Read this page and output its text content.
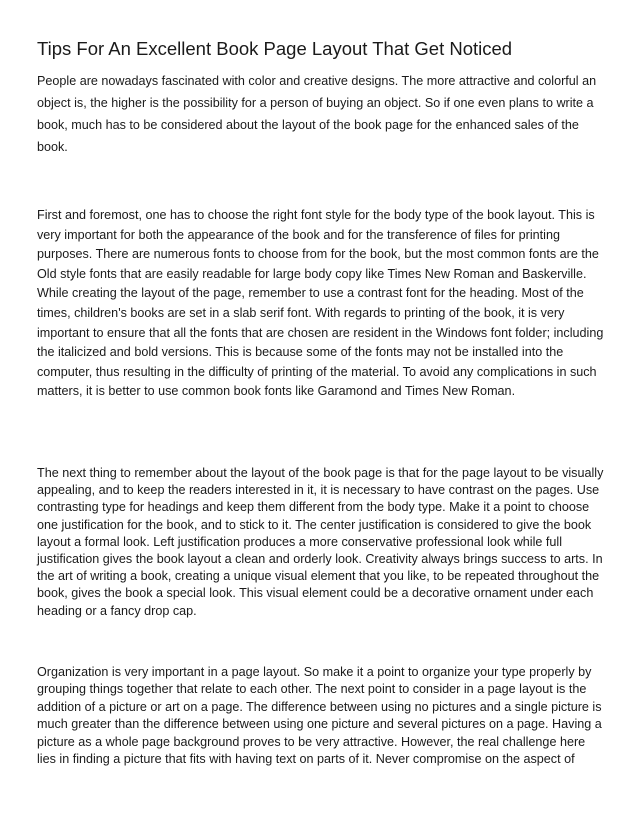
Tips For An Excellent Book Page Layout That Get Noticed

People are nowadays fascinated with color and creative designs. The more attractive and colorful an object is, the higher is the possibility for a person of buying an object. So if one even plans to write a book, much has to be considered about the layout of the book page for the enhanced sales of the book.

First and foremost, one has to choose the right font style for the body type of the book layout. This is very important for both the appearance of the book and for the transference of files for printing purposes. There are numerous fonts to choose from for the book, but the most common fonts are the Old style fonts that are easily readable for large body copy like Times New Roman and Baskerville. While creating the layout of the page, remember to use a contrast font for the heading. Most of the times, children's books are set in a slab serif font. With regards to printing of the book, it is very important to ensure that all the fonts that are chosen are resident in the Windows font folder; including the italicized and bold versions. This is because some of the fonts may not be installed into the computer, thus resulting in the difficulty of printing of the material. To avoid any complications in such matters, it is better to use common book fonts like Garamond and Times New Roman.

The next thing to remember about the layout of the book page is that for the page layout to be visually appealing, and to keep the readers interested in it, it is necessary to have contrast on the pages. Use contrasting type for headings and keep them different from the body type. Make it a point to choose one justification for the book, and to stick to it. The center justification is considered to give the book layout a formal look. Left justification produces a more conservative professional look while full justification gives the book layout a clean and orderly look. Creativity always brings success to arts. In the art of writing a book, creating a unique visual element that you like, to be repeated throughout the book, gives the book a special look. This visual element could be a decorative ornament under each heading or a fancy drop cap.

Organization is very important in a page layout. So make it a point to organize your type properly by grouping things together that relate to each other. The next point to consider in a page layout is the addition of a picture or art on a page. The difference between using no pictures and a single picture is much greater than the difference between using one picture and several pictures on a page. Having a picture as a whole page background proves to be very attractive. However, the real challenge here lies in finding a picture that fits with having text on parts of it. Never compromise on the aspect of
